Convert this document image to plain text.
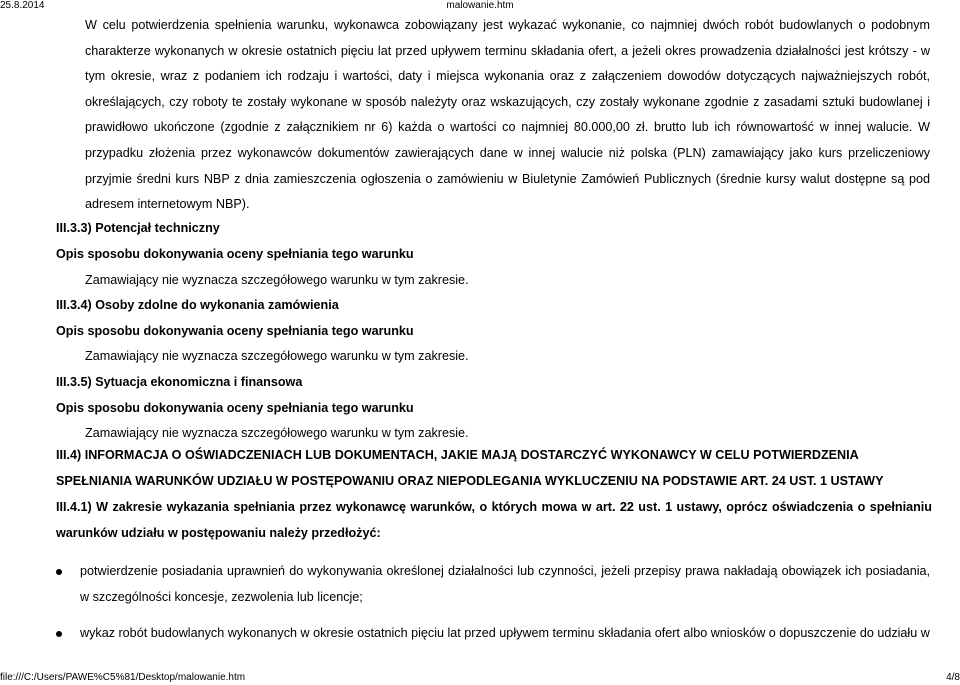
25.8.2014	malowanie.htm
W celu potwierdzenia spełnienia warunku, wykonawca zobowiązany jest wykazać wykonanie, co najmniej dwóch robót budowlanych o podobnym charakterze wykonanych w okresie ostatnich pięciu lat przed upływem terminu składania ofert, a jeżeli okres prowadzenia działalności jest krótszy - w tym okresie, wraz z podaniem ich rodzaju i wartości, daty i miejsca wykonania oraz z załączeniem dowodów dotyczących najważniejszych robót, określających, czy roboty te zostały wykonane w sposób należyty oraz wskazujących, czy zostały wykonane zgodnie z zasadami sztuki budowlanej i prawidłowo ukończone (zgodnie z załącznikiem nr 6) każda o wartości co najmniej 80.000,00 zł. brutto lub ich równowartość w innej walucie. W przypadku złożenia przez wykonawców dokumentów zawierających dane w innej walucie niż polska (PLN) zamawiający jako kurs przeliczeniowy przyjmie średni kurs NBP z dnia zamieszczenia ogłoszenia o zamówieniu w Biuletynie Zamówień Publicznych (średnie kursy walut dostępne są pod adresem internetowym NBP).
III.3.3) Potencjał techniczny
Opis sposobu dokonywania oceny spełniania tego warunku
Zamawiający nie wyznacza szczegółowego warunku w tym zakresie.
III.3.4) Osoby zdolne do wykonania zamówienia
Opis sposobu dokonywania oceny spełniania tego warunku
Zamawiający nie wyznacza szczegółowego warunku w tym zakresie.
III.3.5) Sytuacja ekonomiczna i finansowa
Opis sposobu dokonywania oceny spełniania tego warunku
Zamawiający nie wyznacza szczegółowego warunku w tym zakresie.
III.4) INFORMACJA O OŚWIADCZENIACH LUB DOKUMENTACH, JAKIE MAJĄ DOSTARCZYĆ WYKONAWCY W CELU POTWIERDZENIA SPEŁNIANIA WARUNKÓW UDZIAŁU W POSTĘPOWANIU ORAZ NIEPODLEGANIA WYKLUCZENIU NA PODSTAWIE ART. 24 UST. 1 USTAWY
III.4.1) W zakresie wykazania spełniania przez wykonawcę warunków, o których mowa w art. 22 ust. 1 ustawy, oprócz oświadczenia o spełnianiu warunków udziału w postępowaniu należy przedłożyć:
potwierdzenie posiadania uprawnień do wykonywania określonej działalności lub czynności, jeżeli przepisy prawa nakładają obowiązek ich posiadania, w szczególności koncesje, zezwolenia lub licencje;
wykaz robót budowlanych wykonanych w okresie ostatnich pięciu lat przed upływem terminu składania ofert albo wniosków o dopuszczenie do udziału w
file:///C:/Users/PAWE%C5%81/Desktop/malowanie.htm	4/8
